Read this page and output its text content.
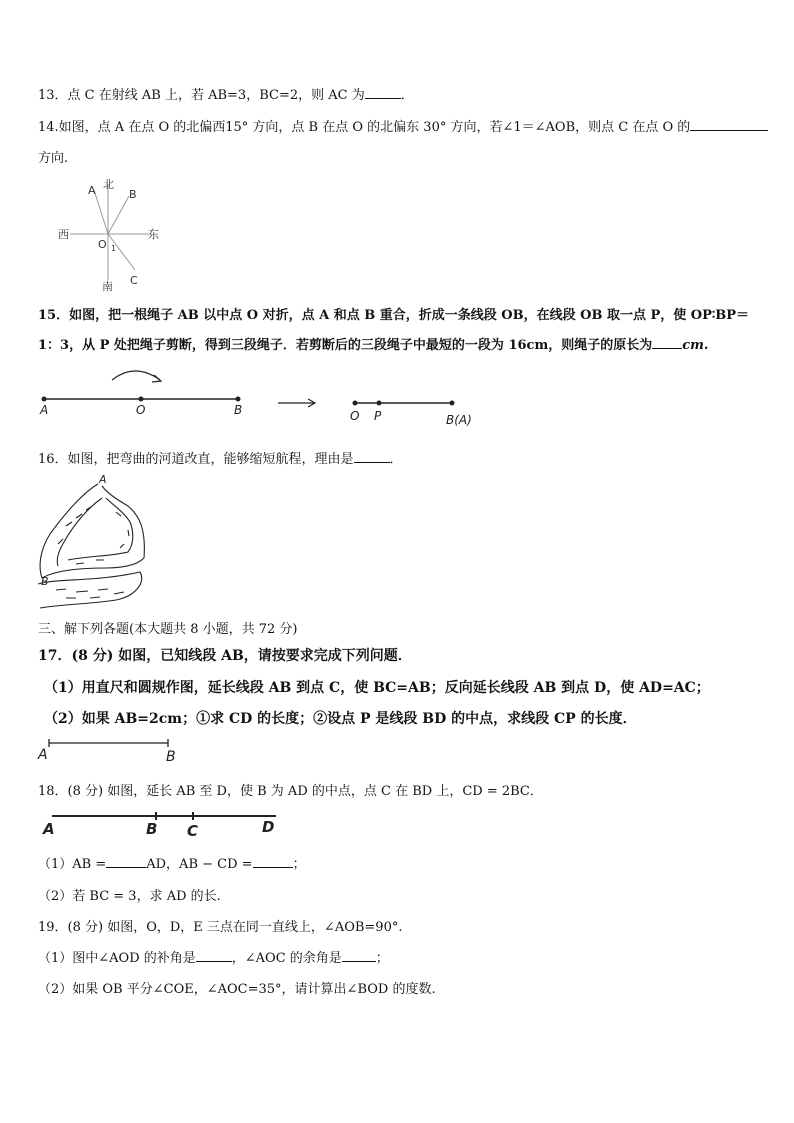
13．点 C 在射线 AB 上，若 AB=3，BC=2，则 AC 为	．
14.如图，点 A 在点 O 的北偏西15° 方向，点 B 在点 O 的北偏东 30° 方向，若∠1＝∠AOB，则点 C 在点 O 的
方向.
A 北
B
西	东
O 1
南 C
15．如图，把一根绳子 AB 以中点 O 对折，点 A 和点 B 重合，折成一条线段 OB，在线段 OB 取一点 P，使 OP∶BP＝
1：3，从 P 处把绳子剪断，得到三段绳子．若剪断后的三段绳子中最短的一段为 16cm，则绳子的原长为 cm.
A	O	B	O P	B(A)
16．如图，把弯曲的河道改直，能够缩短航程，理由是	．
A
B
三、解下列各题(本大题共 8 小题，共 72 分)
17．(8 分) 如图，已知线段 AB，请按要求完成下列问题．
（1）用直尺和圆规作图，延长线段 AB 到点 C，使 BC=AB；反向延长线段 AB 到点 D，使 AD=AC；
（2）如果 AB=2cm；①求 CD 的长度；②设点 P 是线段 BD 的中点，求线段 CP 的长度．
A	B
18．(8 分) 如图，延长 AB 至 D，使 B 为 AD 的中点，点 C 在 BD 上，CD = 2BC．
A	B C	D
（1）AB =	AD，AB − CD =	；
（2）若 BC = 3，求 AD 的长.
19．(8 分) 如图，O，D，E 三点在同一直线上，∠AOB=90°.
（1）图中∠AOD 的补角是	，∠AOC 的余角是	；
（2）如果 OB 平分∠COE，∠AOC=35°，请计算出∠BOD 的度数.
